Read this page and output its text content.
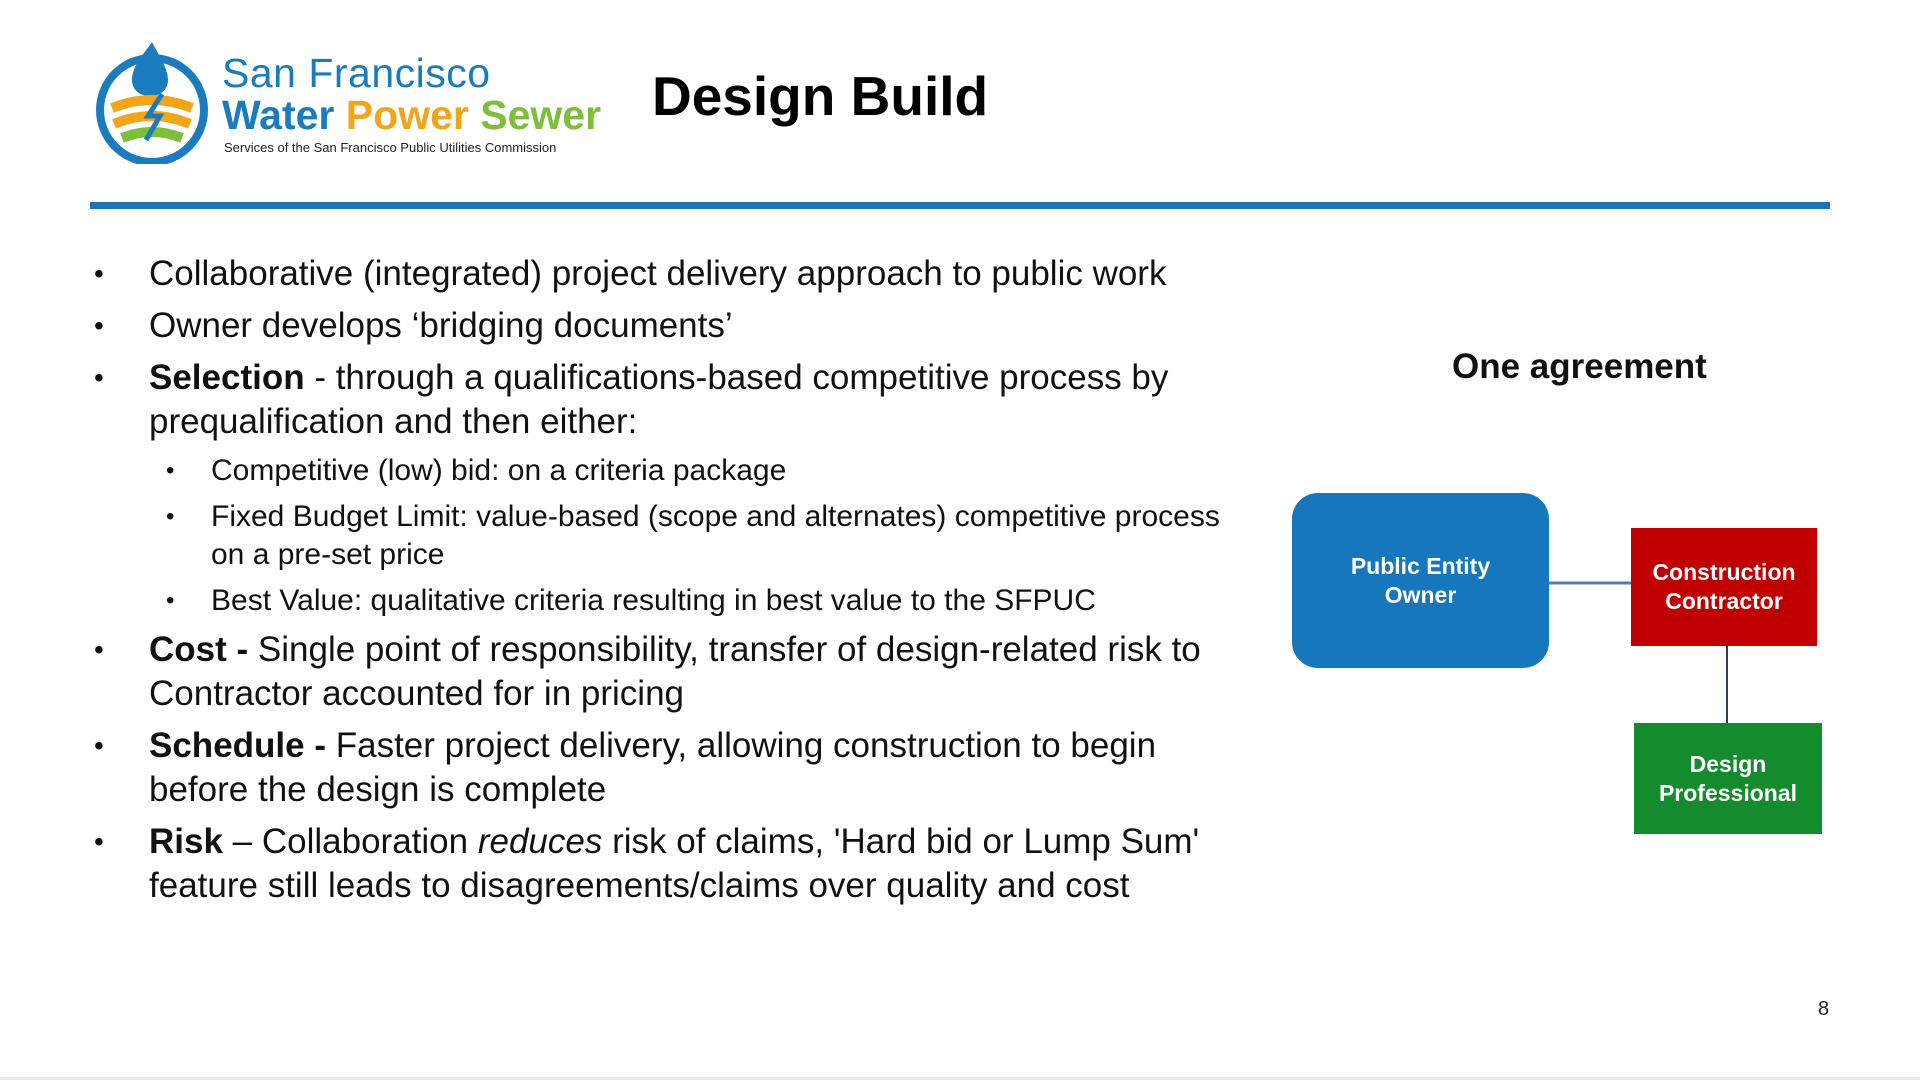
San Francisco
Water Power Sewer
Services of the San Francisco Public Utilities Commission
Design Build
• Collaborative (integrated) project delivery approach to public work
• Owner develops ‘bridging documents’
• Selection - through a qualifications-based competitive process by prequalification and then either:
• Competitive (low) bid: on a criteria package
• Fixed Budget Limit: value-based (scope and alternates) competitive process on a pre-set price
• Best Value: qualitative criteria resulting in best value to the SFPUC
• Cost - Single point of responsibility, transfer of design-related risk to Contractor accounted for in pricing
• Schedule - Faster project delivery, allowing construction to begin before the design is complete
• Risk – Collaboration reduces risk of claims, 'Hard bid or Lump Sum' feature still leads to disagreements/claims over quality and cost
One agreement
Public Entity
Owner
Construction
Contractor
Design
Professional
8
